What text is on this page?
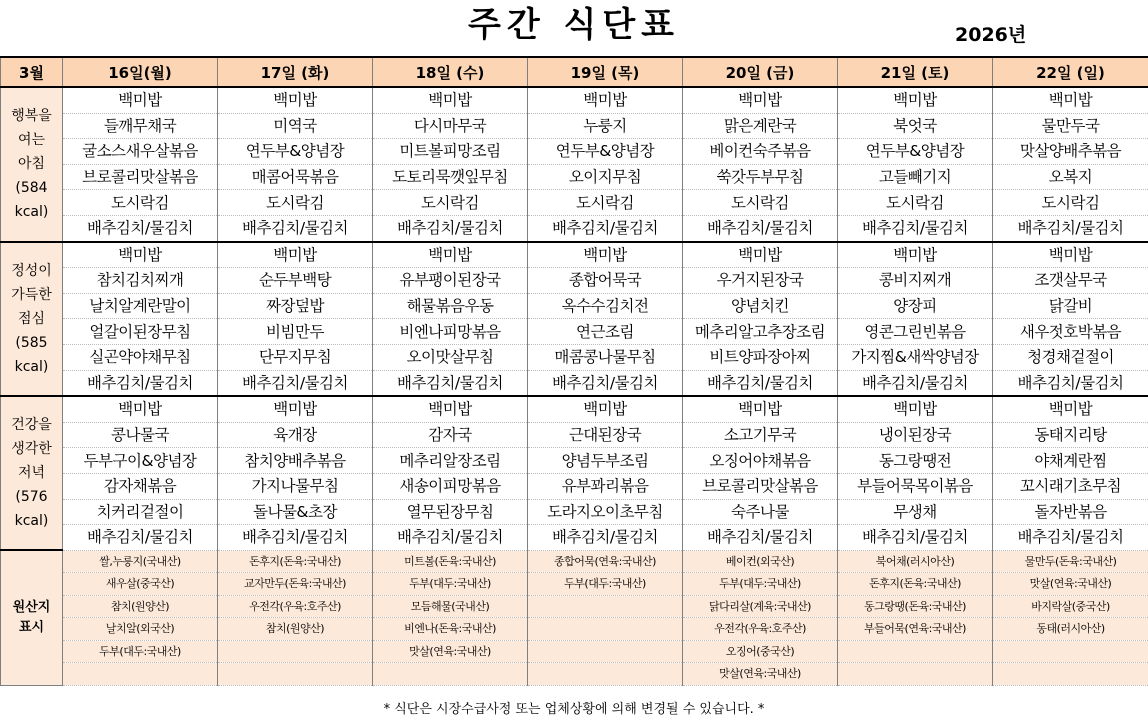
주간 식단표	2026년
3월	16일(월)	17일 (화)	18일 (수)	19일 (목)	20일 (금)	21일 (토)	22일 (일)
행복을
여는
아침
(584
kcal)	백미밥	백미밥	백미밥	백미밥	백미밥	백미밥	백미밥
	들깨무채국	미역국	다시마무국	누룽지	맑은계란국	북엇국	물만두국
	굴소스새우살볶음	연두부&양념장	미트볼피망조림	연두부&양념장	베이컨숙주볶음	연두부&양념장	맛살양배추볶음
	브로콜리맛살볶음	매콤어묵볶음	도토리묵깻잎무침	오이지무침	쑥갓두부무침	고들빼기지	오복지
	도시락김	도시락김	도시락김	도시락김	도시락김	도시락김	도시락김
	배추김치/물김치	배추김치/물김치	배추김치/물김치	배추김치/물김치	배추김치/물김치	배추김치/물김치	배추김치/물김치
정성이
가득한
점심
(585
kcal)	백미밥	백미밥	백미밥	백미밥	백미밥	백미밥	백미밥
	참치김치찌개	순두부백탕	유부팽이된장국	종합어묵국	우거지된장국	콩비지찌개	조갯살무국
	날치알계란말이	짜장덮밥	해물볶음우동	옥수수김치전	양념치킨	양장피	닭갈비
	얼갈이된장무침	비빔만두	비엔나피망볶음	연근조림	메추리알고추장조림	영콘그린빈볶음	새우젓호박볶음
	실곤약야채무침	단무지무침	오이맛살무침	매콤콩나물무침	비트양파장아찌	가지찜&새싹양념장	청경채겉절이
	배추김치/물김치	배추김치/물김치	배추김치/물김치	배추김치/물김치	배추김치/물김치	배추김치/물김치	배추김치/물김치
건강을
생각한
저녁
(576
kcal)	백미밥	백미밥	백미밥	백미밥	백미밥	백미밥	백미밥
	콩나물국	육개장	감자국	근대된장국	소고기무국	냉이된장국	동태지리탕
	두부구이&양념장	참치양배추볶음	메추리알장조림	양념두부조림	오징어야채볶음	동그랑땡전	야채계란찜
	감자채볶음	가지나물무침	새송이피망볶음	유부꽈리볶음	브로콜리맛살볶음	부들어묵목이볶음	꼬시래기초무침
	치커리겉절이	돌나물&초장	열무된장무침	도라지오이초무침	숙주나물	무생채	돌자반볶음
	배추김치/물김치	배추김치/물김치	배추김치/물김치	배추김치/물김치	배추김치/물김치	배추김치/물김치	배추김치/물김치
원산지
표시	쌀,누룽지(국내산)	돈후지(돈육:국내산)	미트볼(돈육:국내산)	종합어묵(연육:국내산)	베이컨(외국산)	북어채(러시아산)	물만두(돈육:국내산)
	새우살(중국산)	교자만두(돈육:국내산)	두부(대두:국내산)	두부(대두:국내산)	두부(대두:국내산)	돈후지(돈육:국내산)	맛살(연육:국내산)
	참치(원양산)	우전각(우육:호주산)	모듬해물(국내산)		닭다리살(계육:국내산)	동그랑땡(돈육:국내산)	바지락살(중국산)
	날치알(외국산)	참치(원양산)	비엔나(돈육:국내산)		우전각(우육:호주산)	부들어묵(연육:국내산)	동태(러시아산)
	두부(대두:국내산)		맛살(연육:국내산)		오징어(중국산)		
					맛살(연육:국내산)		
* 식단은 시장수급사정 또는 업체상황에 의해 변경될 수 있습니다. *
